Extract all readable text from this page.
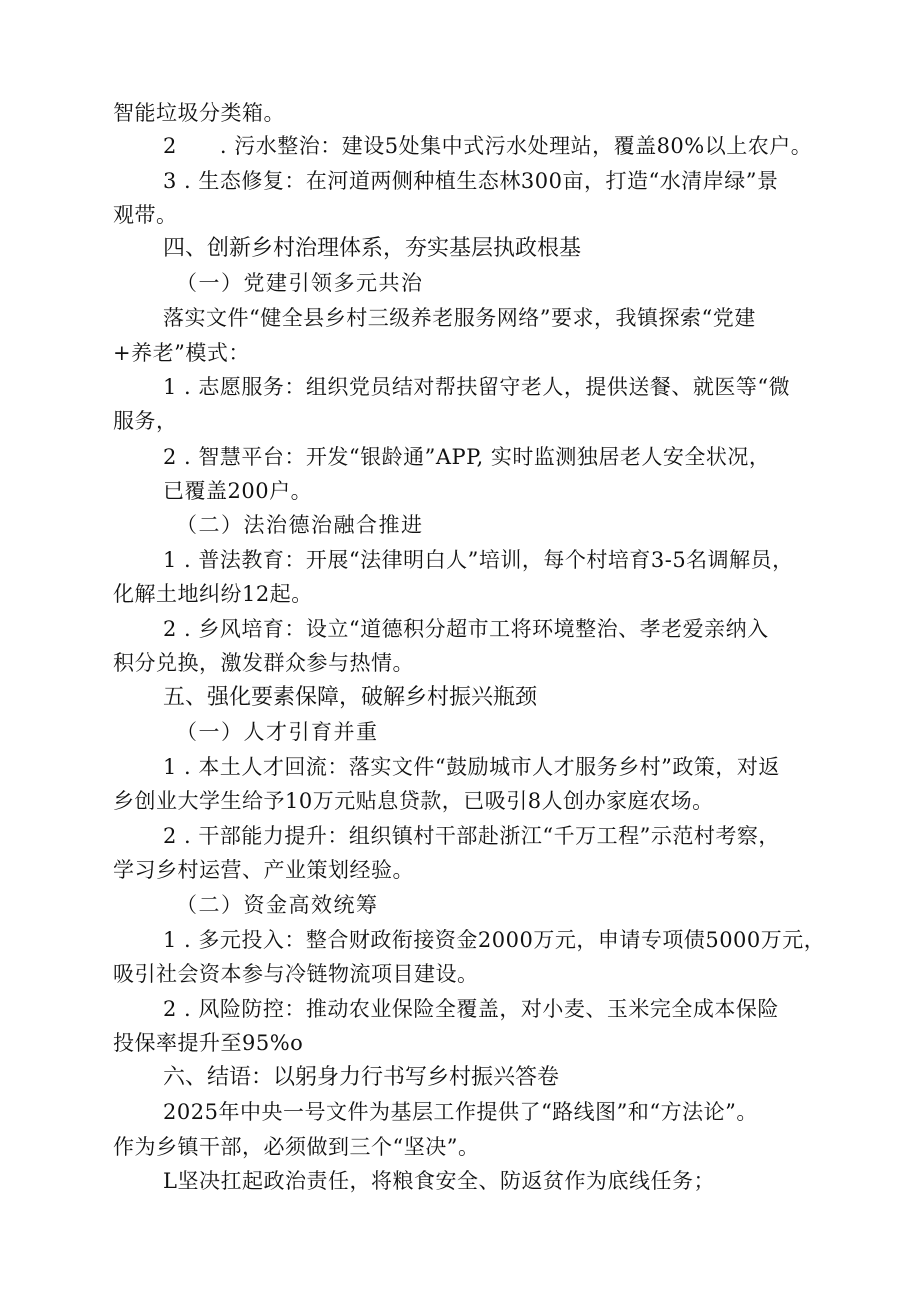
智能垃圾分类箱。
2　　. 污水整治：建设5处集中式污水处理站，覆盖80%以上农户。
3 . 生态修复：在河道两侧种植生态林300亩，打造“水清岸绿”景
观带。
四、创新乡村治理体系，夯实基层执政根基
（一）党建引领多元共治
落实文件“健全县乡村三级养老服务网络”要求，我镇探索“党建
+养老”模式：
1 . 志愿服务：组织党员结对帮扶留守老人，提供送餐、就医等“微
服务，
2 . 智慧平台：开发“银龄通”APP, 实时监测独居老人安全状况，
已覆盖200户。
（二）法治德治融合推进
1 . 普法教育：开展“法律明白人”培训，每个村培育3-5名调解员，
化解土地纠纷12起。
2 . 乡风培育：设立“道德积分超市工将环境整治、孝老爱亲纳入
积分兑换，激发群众参与热情。
五、强化要素保障，破解乡村振兴瓶颈
（一）人才引育并重
1 . 本土人才回流：落实文件“鼓励城市人才服务乡村”政策，对返
乡创业大学生给予10万元贴息贷款，已吸引8人创办家庭农场。
2 . 干部能力提升：组织镇村干部赴浙江“千万工程”示范村考察，
学习乡村运营、产业策划经验。
（二）资金高效统筹
1 . 多元投入：整合财政衔接资金2000万元，申请专项债5000万元，
吸引社会资本参与冷链物流项目建设。
2 . 风险防控：推动农业保险全覆盖，对小麦、玉米完全成本保险
投保率提升至95%o
六、结语：以躬身力行书写乡村振兴答卷
2025年中央一号文件为基层工作提供了“路线图”和“方法论”。
作为乡镇干部，必须做到三个“坚决”。
L坚决扛起政治责任，将粮食安全、防返贫作为底线任务；
